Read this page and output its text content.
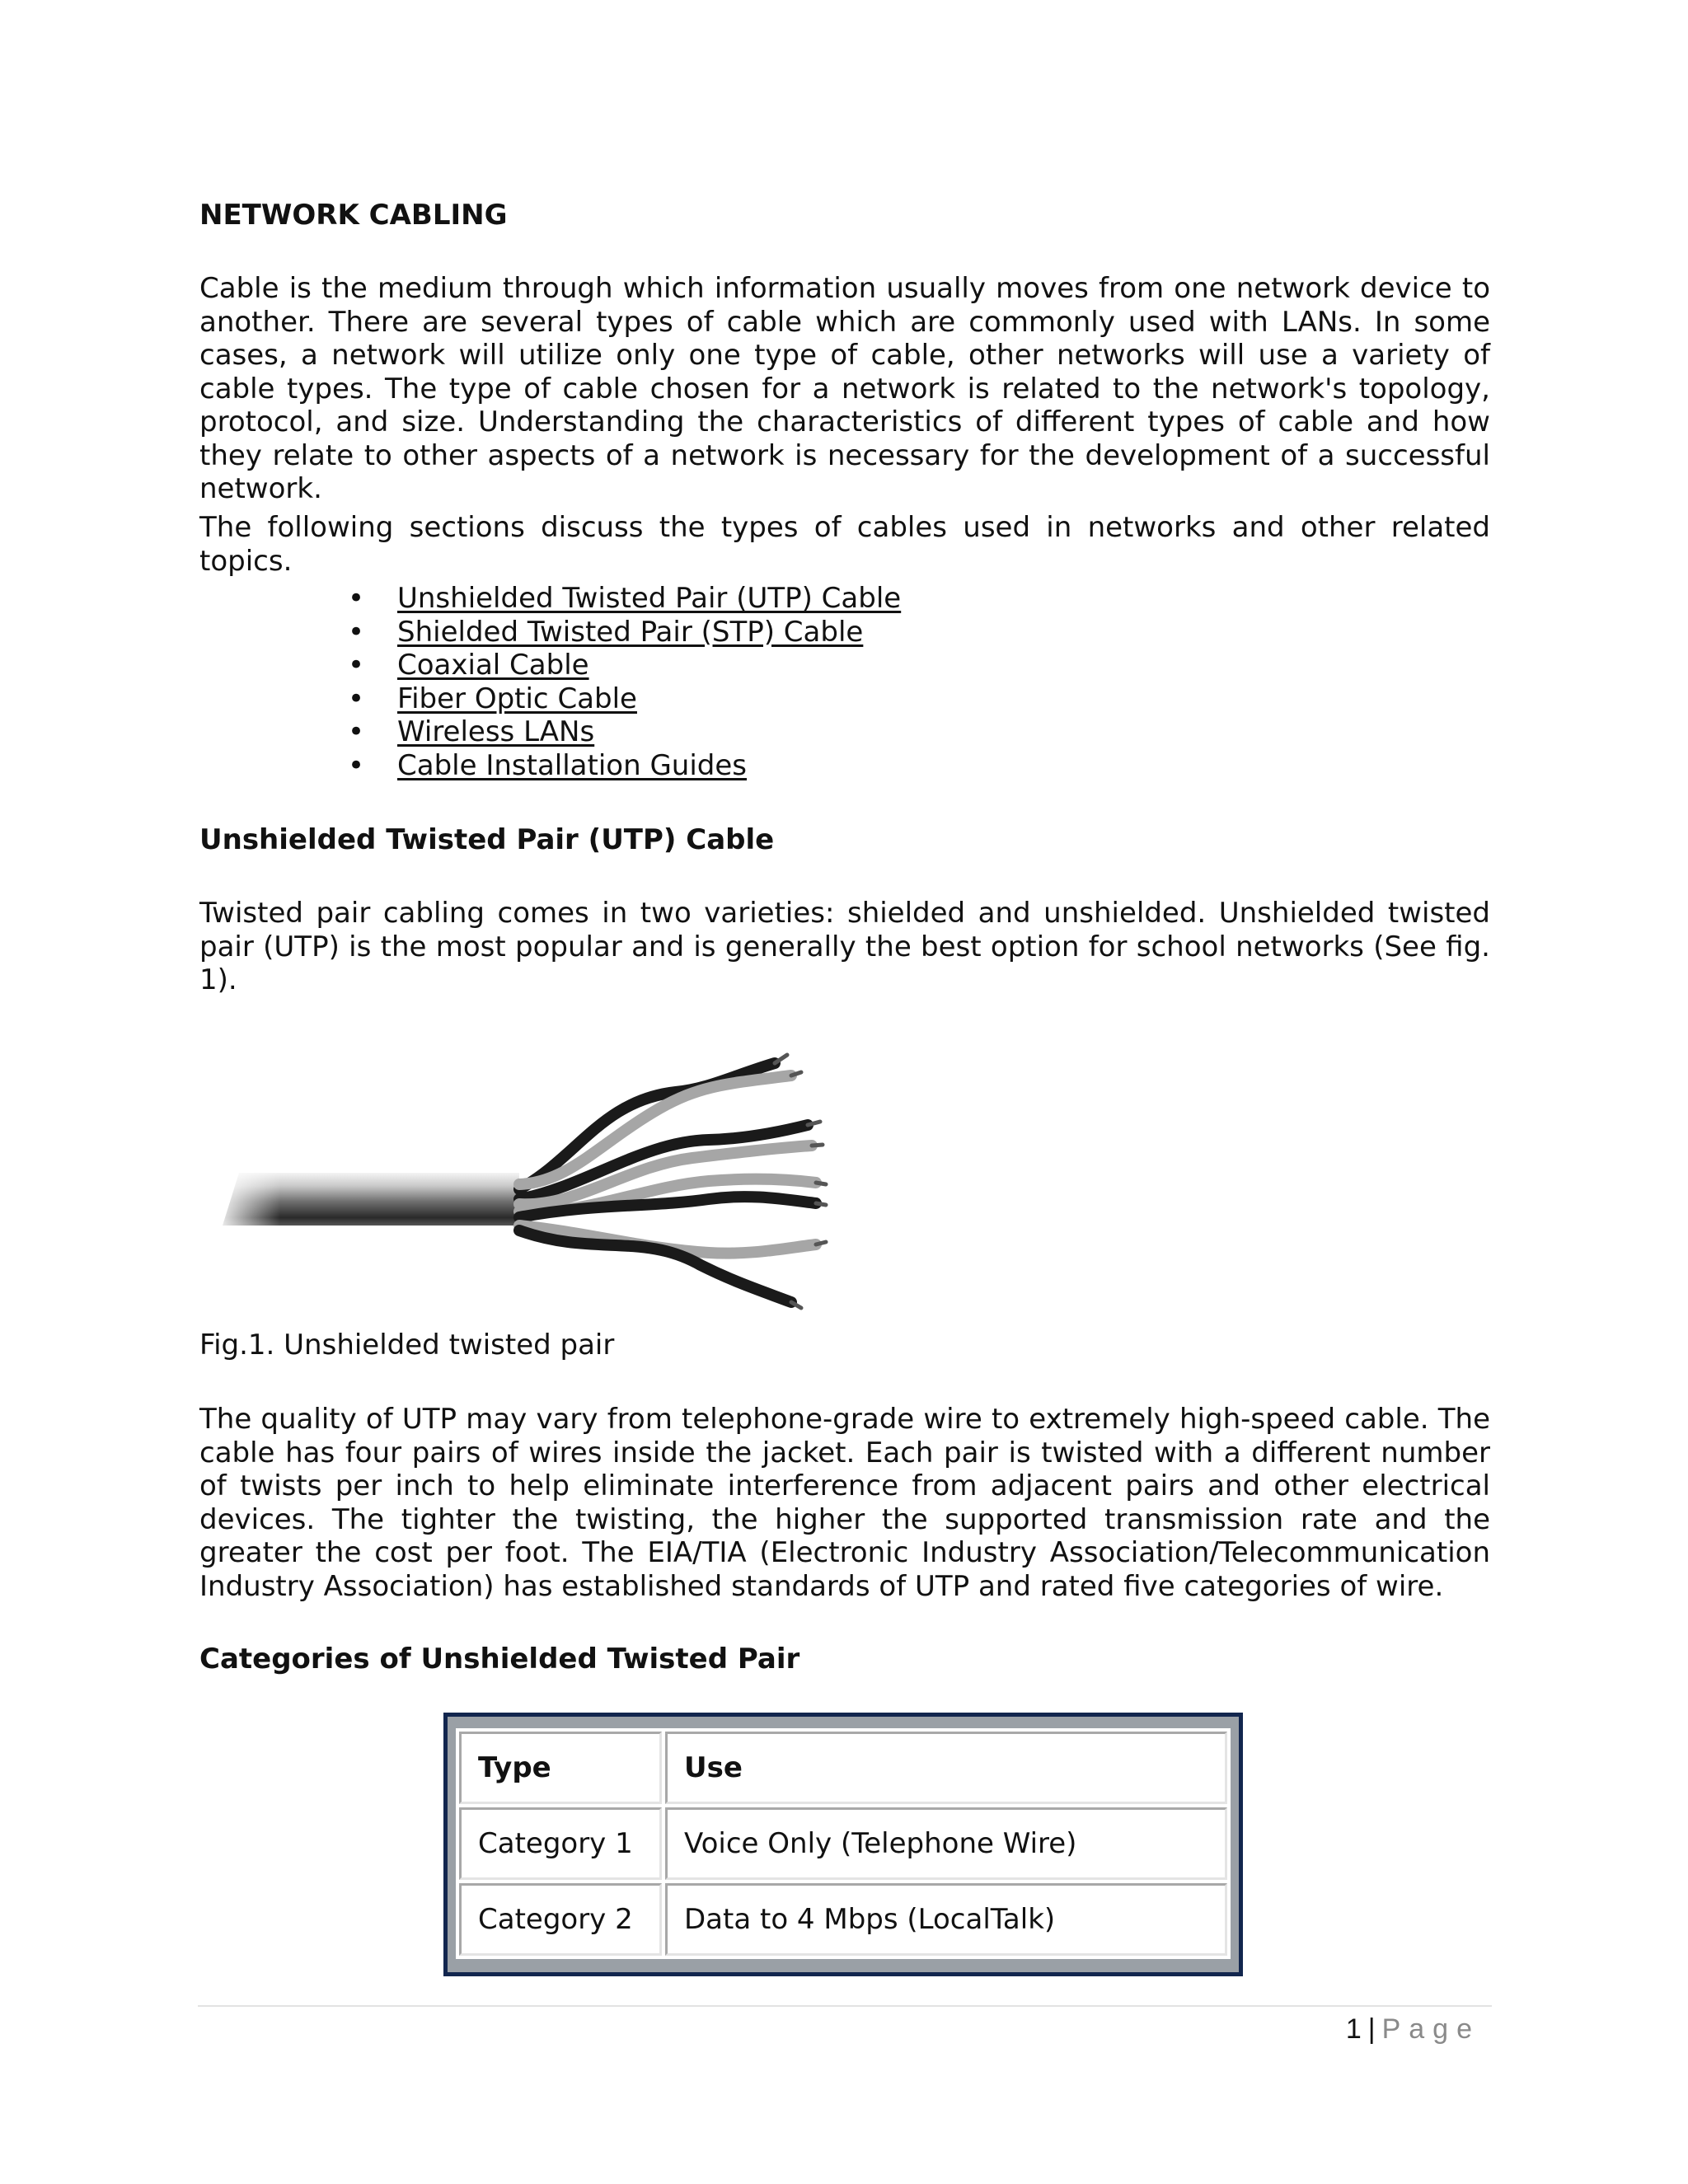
NETWORK CABLING

Cable is the medium through which information usually moves from one network device to another. There are several types of cable which are commonly used with LANs. In some cases, a network will utilize only one type of cable, other networks will use a variety of cable types. The type of cable chosen for a network is related to the network's topology, protocol, and size. Understanding the characteristics of different types of cable and how they relate to other aspects of a network is necessary for the development of a successful network.

The following sections discuss the types of cables used in networks and other related topics.

• Unshielded Twisted Pair (UTP) Cable
• Shielded Twisted Pair (STP) Cable
• Coaxial Cable
• Fiber Optic Cable
• Wireless LANs
• Cable Installation Guides
Unshielded Twisted Pair (UTP) Cable

Twisted pair cabling comes in two varieties: shielded and unshielded. Unshielded twisted pair (UTP) is the most popular and is generally the best option for school networks (See fig. 1).

Fig.1. Unshielded twisted pair

The quality of UTP may vary from telephone-grade wire to extremely high-speed cable. The cable has four pairs of wires inside the jacket. Each pair is twisted with a different number of twists per inch to help eliminate interference from adjacent pairs and other electrical devices. The tighter the twisting, the higher the supported transmission rate and the greater the cost per foot. The EIA/TIA (Electronic Industry Association/Telecommunication Industry Association) has established standards of UTP and rated five categories of wire.

Categories of Unshielded Twisted Pair
Type	Use
Category 1	Voice Only (Telephone Wire)
Category 2	Data to 4 Mbps (LocalTalk)
1 | Page
